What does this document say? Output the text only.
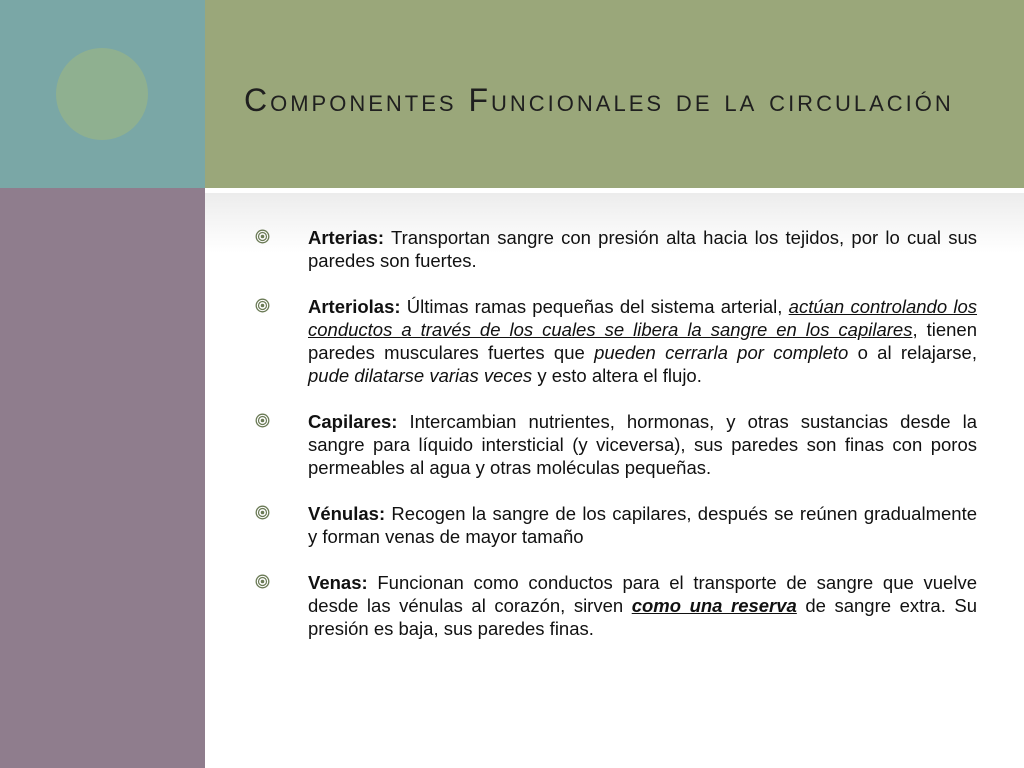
Componentes Funcionales de la circulación
Arterias: Transportan sangre con presión alta hacia los tejidos, por lo cual sus paredes son fuertes.
Arteriolas: Últimas ramas pequeñas del sistema arterial, actúan controlando los conductos a través de los cuales se libera la sangre en los capilares, tienen paredes musculares fuertes que pueden cerrarla por completo o al relajarse, pude dilatarse varias veces y esto altera el flujo.
Capilares: Intercambian nutrientes, hormonas, y otras sustancias desde la sangre para líquido intersticial (y viceversa), sus paredes son finas con poros permeables al agua y otras moléculas pequeñas.
Vénulas: Recogen la sangre de los capilares, después se reúnen gradualmente y forman venas de mayor tamaño
Venas: Funcionan como conductos para el transporte de sangre que vuelve desde las vénulas al corazón, sirven como una reserva de sangre extra. Su presión es baja, sus paredes finas.
